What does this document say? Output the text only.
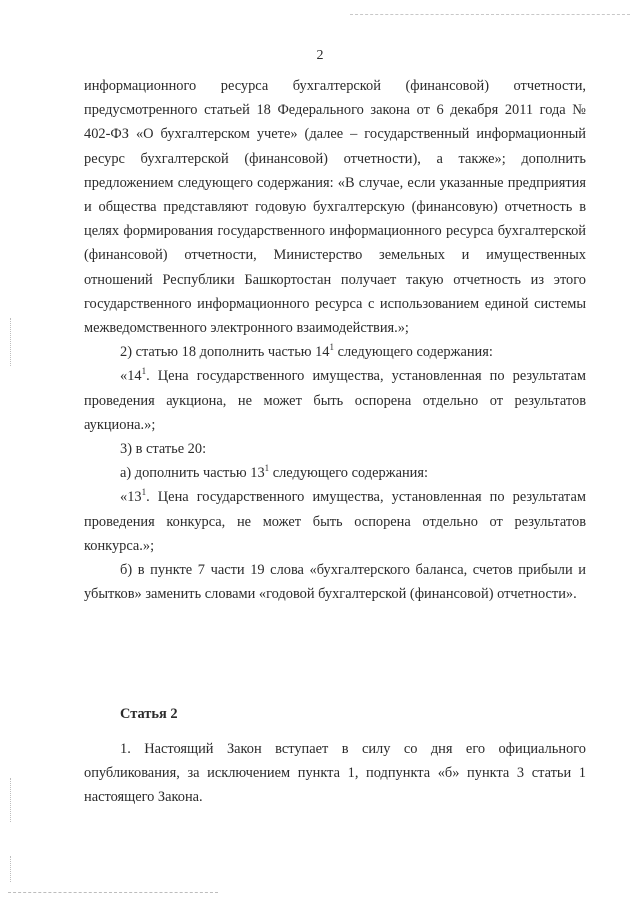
2

информационного ресурса бухгалтерской (финансовой) отчетности, предусмотренного статьей 18 Федерального закона от 6 декабря 2011 года № 402-ФЗ «О бухгалтерском учете» (далее – государственный информационный ресурс бухгалтерской (финансовой) отчетности), а также»; дополнить предложением следующего содержания: «В случае, если указанные предприятия и общества представляют годовую бухгалтерскую (финансовую) отчетность в целях формирования государственного информационного ресурса бухгалтерской (финансовой) отчетности, Министерство земельных и имущественных отношений Республики Башкортостан получает такую отчетность из этого государственного информационного ресурса с использованием единой системы межведомственного электронного взаимодействия.»;

2) статью 18 дополнить частью $14^1$ следующего содержания:

«$14^1$. Цена государственного имущества, установленная по результатам проведения аукциона, не может быть оспорена отдельно от результатов аукциона.»;

3) в статье 20:

а) дополнить частью $13^1$ следующего содержания:

«$13^1$. Цена государственного имущества, установленная по результатам проведения конкурса, не может быть оспорена отдельно от результатов конкурса.»;

б) в пункте 7 части 19 слова «бухгалтерского баланса, счетов прибыли и убытков» заменить словами «годовой бухгалтерской (финансовой) отчетности».

Статья 2

1. Настоящий Закон вступает в силу со дня его официального опубликования, за исключением пункта 1, подпункта «б» пункта 3 статьи 1 настоящего Закона.
